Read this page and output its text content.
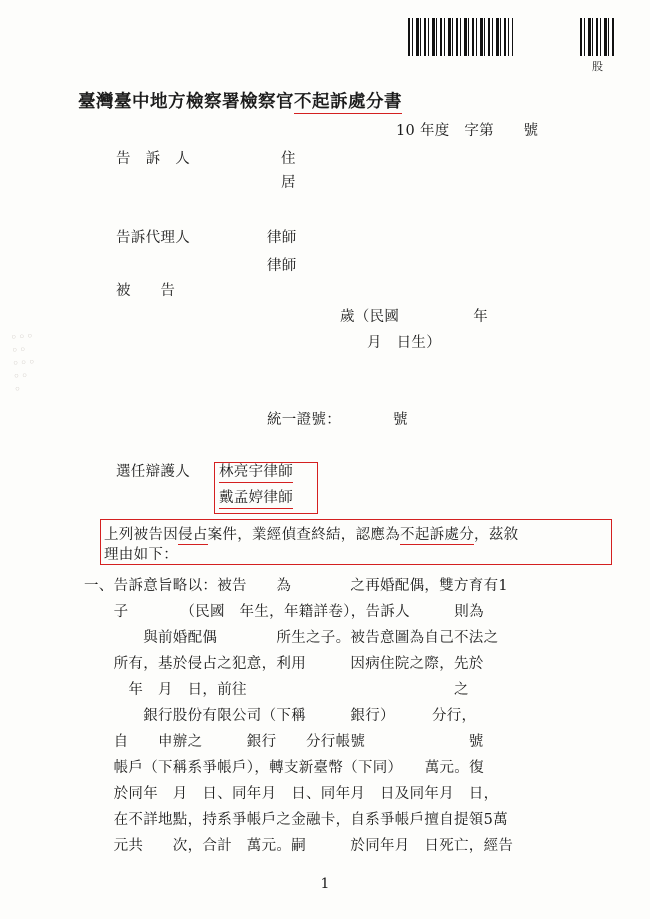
股
◦◦◦
◦◦
◦◦◦
◦◦
◦
臺灣臺中地方檢察署檢察官不起訴處分書
10 年度　字第　　號
告　訴　人	住
居
告訴代理人	律師
律師
被　　告
歲（民國　　　　　年
月　日生）
統一證號：　　　　號
選任辯護人 林亮宇律師
戴孟婷律師
上列被告因侵占案件，業經偵查終結，認應為不起訴處分，茲敘
理由如下：
一、告訴意旨略以：被告　　為　　　　之再婚配偶，雙方育有1
　　子　　　　（民國　年生，年籍詳卷），告訴人　　　則為
　　　　與前婚配偶　　　　所生之子。被告意圖為自己不法之
　　所有，基於侵占之犯意，利用　　　因病住院之際，先於
　　　年　月　日，前往　　　　　　　　　　　　　　之
　　　　銀行股份有限公司（下稱　　　銀行）　　　分行，
　　自　　申辦之　　　銀行　　分行帳號　　　　　　　號
　　帳戶（下稱系爭帳戶），轉支新臺幣（下同）　　萬元。復
　　於同年　月　日、同年月　日、同年月　日及同年月　日，
　　在不詳地點，持系爭帳戶之金融卡，自系爭帳戶擅自提領5萬
　　元共　　次，合計　萬元。嗣　　　於同年月　日死亡，經告
1
